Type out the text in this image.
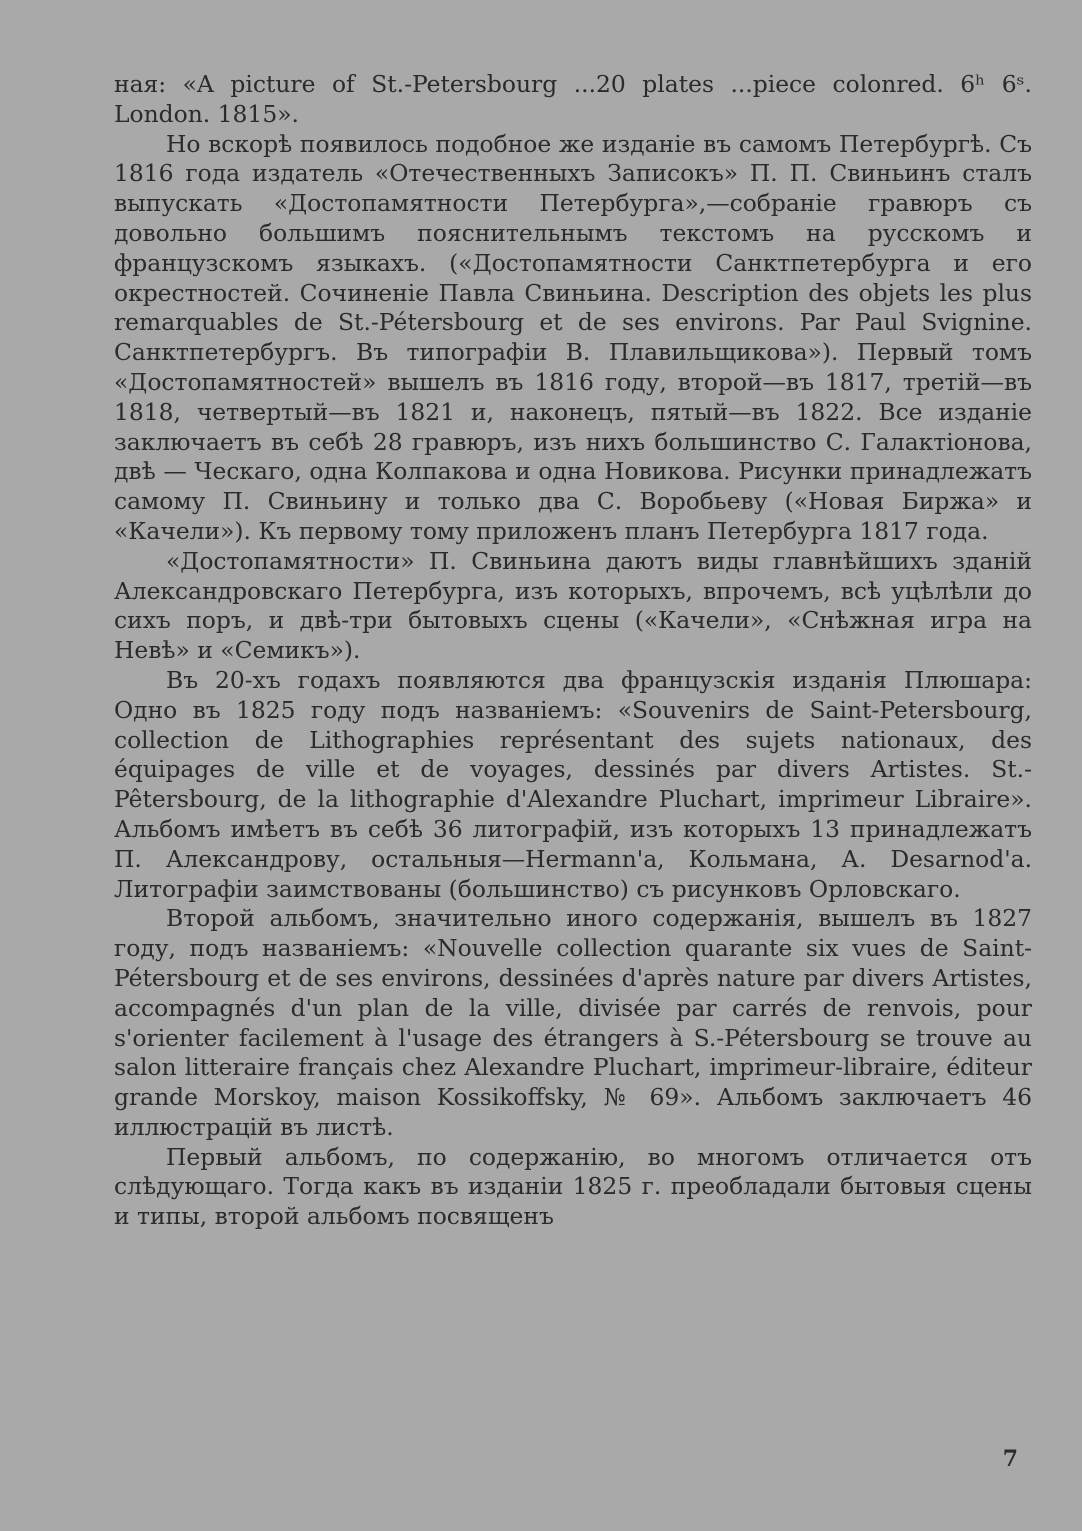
ная: «A picture of St.-Petersbourg ...20 plates ...piece colonred. 6ʰ 6ˢ. London. 1815».

Но вскорѣ появилось подобное же изданіе въ самомъ Петербургѣ. Съ 1816 года издатель «Отечественныхъ Записокъ» П. П. Свиньинъ сталъ выпускать «Достопамятности Петербурга»,—собраніе гравюръ съ довольно большимъ пояснительнымъ текстомъ на русскомъ и французскомъ языкахъ. («Достопамятности Санктпетербурга и его окрестностей. Сочиненіе Павла Свиньина. Description des objets les plus remarquables de St.-Pétersbourg et de ses environs. Par Paul Svignine. Санктпетербургъ. Въ типографіи В. Плавильщикова»). Первый томъ «Достопамятностей» вышелъ въ 1816 году, второй—въ 1817, третій—въ 1818, четвертый—въ 1821 и, наконецъ, пятый—въ 1822. Все изданіе заключаетъ въ себѣ 28 гравюръ, изъ нихъ большинство С. Галактіонова, двѣ — Ческаго, одна Колпакова и одна Новикова. Рисунки принадлежатъ самому П. Свиньину и только два С. Воробьеву («Новая Биржа» и «Качели»). Къ первому тому приложенъ планъ Петербурга 1817 года.

«Достопамятности» П. Свиньина даютъ виды главнѣйшихъ зданій Александровскаго Петербурга, изъ которыхъ, впрочемъ, всѣ уцѣлѣли до сихъ поръ, и двѣ-три бытовыхъ сцены («Качели», «Снѣжная игра на Невѣ» и «Семикъ»).

Въ 20-хъ годахъ появляются два французскія изданія Плюшара: Одно въ 1825 году подъ названіемъ: «Souvenirs de Saint-Petersbourg, collection de Lithographies représentant des sujets nationaux, des équipages de ville et de voyages, dessinés par divers Artistes. St.-Pêtersbourg, de la lithographie d'Alexandre Pluchart, imprimeur Libraire». Альбомъ имѣетъ въ себѣ 36 литографій, изъ которыхъ 13 принадлежатъ П. Александрову, остальныя—Hermann'а, Кольмана, А. Desarnod'а. Литографіи заимствованы (большинство) съ рисунковъ Орловскаго.

Второй альбомъ, значительно иного содержанія, вышелъ въ 1827 году, подъ названіемъ: «Nouvelle collection quarante six vues de Saint-Pétersbourg et de ses environs, dessinées d'après nature par divers Artistes, accompagnés d'un plan de la ville, divisée par carrés de renvois, pour s'orienter facilement à l'usage des étrangers à S.-Pétersbourg se trouve au salon litteraire français chez Alexandre Pluchart, imprimeur-libraire, éditeur grande Morskoy, maison Kossikoffsky, № 69». Альбомъ заключаетъ 46 иллюстрацій въ листѣ.

Первый альбомъ, по содержанію, во многомъ отличается отъ слѣдующаго. Тогда какъ въ изданіи 1825 г. преобладали бытовыя сцены и типы, второй альбомъ посвященъ

7
